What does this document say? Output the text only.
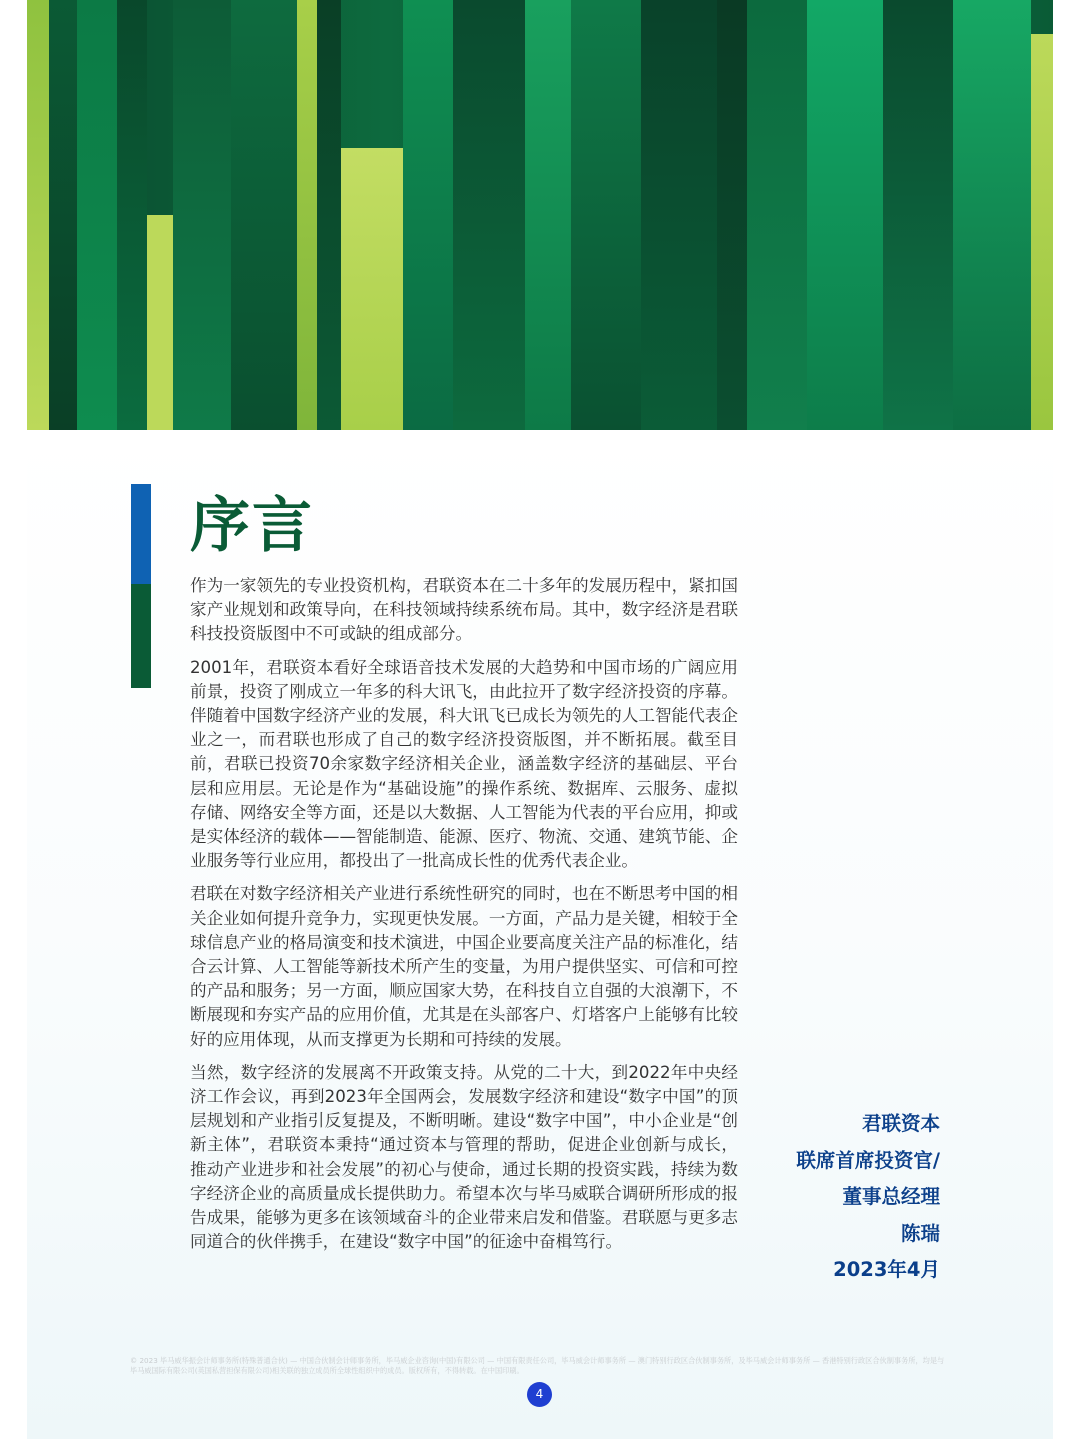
序言

作为一家领先的专业投资机构，君联资本在二十多年的发展历程中，紧扣国家产业规划和政策导向，在科技领域持续系统布局。其中，数字经济是君联科技投资版图中不可或缺的组成部分。

2001年，君联资本看好全球语音技术发展的大趋势和中国市场的广阔应用前景，投资了刚成立一年多的科大讯飞，由此拉开了数字经济投资的序幕。伴随着中国数字经济产业的发展，科大讯飞已成长为领先的人工智能代表企业之一，而君联也形成了自己的数字经济投资版图，并不断拓展。截至目前，君联已投资70余家数字经济相关企业，涵盖数字经济的基础层、平台层和应用层。无论是作为“基础设施”的操作系统、数据库、云服务、虚拟存储、网络安全等方面，还是以大数据、人工智能为代表的平台应用，抑或是实体经济的载体——智能制造、能源、医疗、物流、交通、建筑节能、企业服务等行业应用，都投出了一批高成长性的优秀代表企业。

君联在对数字经济相关产业进行系统性研究的同时，也在不断思考中国的相关企业如何提升竞争力，实现更快发展。一方面，产品力是关键，相较于全球信息产业的格局演变和技术演进，中国企业要高度关注产品的标准化，结合云计算、人工智能等新技术所产生的变量，为用户提供坚实、可信和可控的产品和服务；另一方面，顺应国家大势，在科技自立自强的大浪潮下，不断展现和夯实产品的应用价值，尤其是在头部客户、灯塔客户上能够有比较好的应用体现，从而支撑更为长期和可持续的发展。

当然，数字经济的发展离不开政策支持。从党的二十大，到2022年中央经济工作会议，再到2023年全国两会，发展数字经济和建设“数字中国”的顶层规划和产业指引反复提及，不断明晰。建设“数字中国”，中小企业是“创新主体”，君联资本秉持“通过资本与管理的帮助，促进企业创新与成长，推动产业进步和社会发展”的初心与使命，通过长期的投资实践，持续为数字经济企业的高质量成长提供助力。希望本次与毕马威联合调研所形成的报告成果，能够为更多在该领域奋斗的企业带来启发和借鉴。君联愿与更多志同道合的伙伴携手，在建设“数字中国”的征途中奋楫笃行。

君联资本
联席首席投资官/
董事总经理
陈瑞
2023年4月
© 2023 毕马威华振会计师事务所(特殊普通合伙) — 中国合伙制会计师事务所，毕马威企业咨询(中国)有限公司 — 中国有限责任公司，毕马威会计师事务所 — 澳门特别行政区合伙制事务所，及毕马威会计师事务所 — 香港特别行政区合伙制事务所，均是与毕马威国际有限公司(英国私营担保有限公司)相关联的独立成员所全球性组织中的成员。版权所有，不得转载。在中国印刷。
4
